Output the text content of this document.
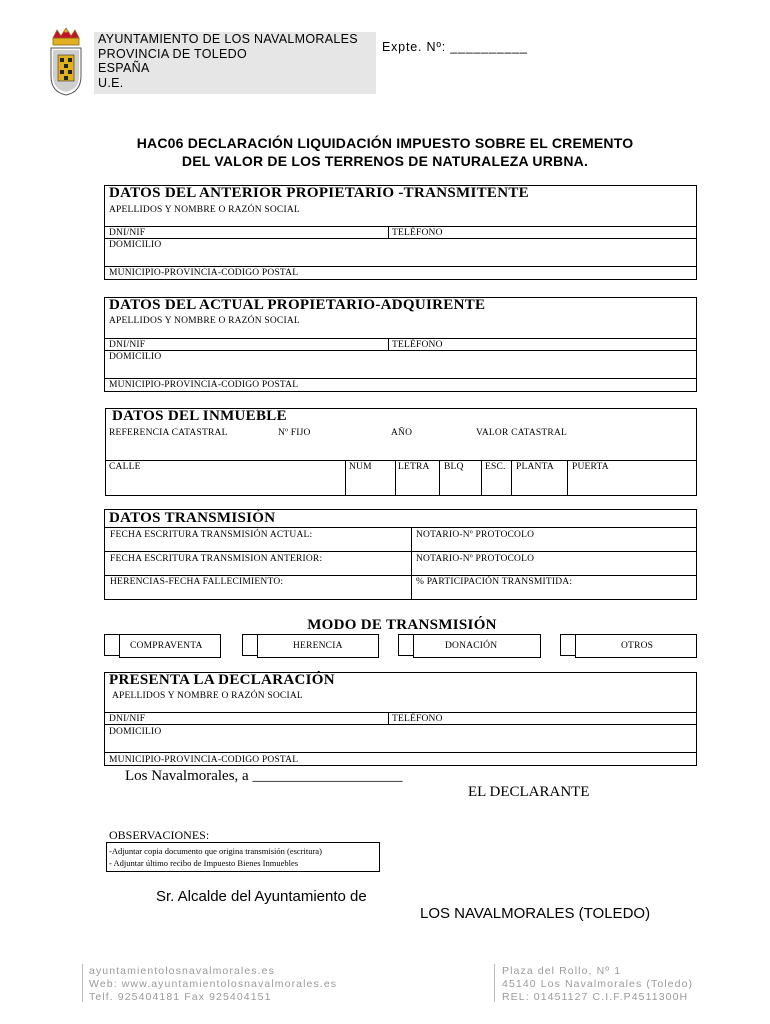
AYUNTAMIENTO DE LOS NAVALMORALES
PROVINCIA DE TOLEDO
ESPAÑA
U.E.
Expte. Nº: __________
HAC06 DECLARACIÓN LIQUIDACIÓN IMPUESTO SOBRE EL CREMENTO
DEL VALOR DE LOS TERRENOS DE NATURALEZA URBNA.
DATOS DEL ANTERIOR PROPIETARIO -TRANSMITENTE
APELLIDOS Y NOMBRE O RAZÓN SOCIAL
DNI/NIF	TELÉFONO
DOMICILIO
MUNICIPIO-PROVINCIA-CODIGO POSTAL
DATOS DEL ACTUAL PROPIETARIO-ADQUIRENTE
APELLIDOS Y NOMBRE O RAZÓN SOCIAL
DNI/NIF	TELÉFONO
DOMICILIO
MUNICIPIO-PROVINCIA-CODIGO POSTAL
DATOS DEL INMUEBLE
REFERENCIA CATASTRAL	Nº FIJO	AÑO	VALOR CATASTRAL
CALLE	NUM	LETRA BLQ ESC. PLANTA PUERTA
DATOS TRANSMISIÓN
FECHA ESCRITURA TRANSMISIÓN ACTUAL:	NOTARIO-Nº PROTOCOLO
FECHA ESCRITURA TRANSMISION ANTERIOR:	NOTARIO-Nº PROTOCOLO
HERENCIAS-FECHA FALLECIMIENTO:	% PARTICIPACIÓN TRANSMITIDA:
MODO DE TRANSMISIÓN
COMPRAVENTA	HERENCIA	DONACIÓN	OTROS
PRESENTA LA DECLARACIÓN
APELLIDOS Y NOMBRE O RAZÓN SOCIAL
DNI/NIF	TELÉFONO
DOMICILIO
MUNICIPIO-PROVINCIA-CODIGO POSTAL
Los Navalmorales, a ____________________
EL DECLARANTE
OBSERVACIONES:
-Adjuntar copia documento que origina transmisión (escritura)
- Adjuntar último recibo de Impuesto Bienes Inmuebles
Sr. Alcalde del Ayuntamiento de
LOS NAVALMORALES (TOLEDO)
ayuntamientolosnavalmorales.es
Web: www.ayuntamientolosnavalmorales.es
Telf. 925404181 Fax 925404151
Plaza del Rollo, Nº 1
45140 Los Navalmorales (Toledo)
REL: 01451127 C.I.F.P4511300H
